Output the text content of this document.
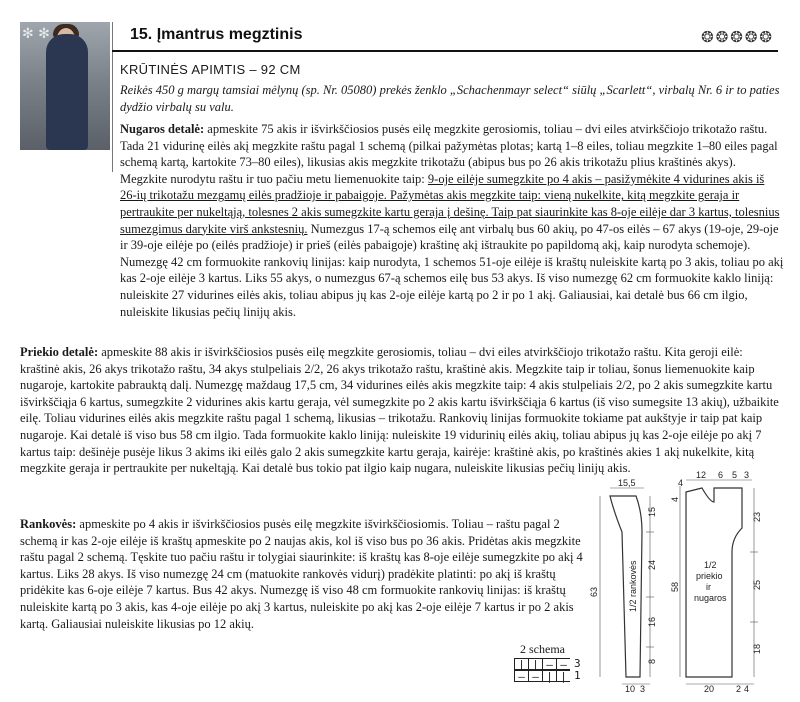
✻ ✻	15. Įmantrus megztinis	❂❂❂❂❂
KRŪTINĖS APIMTIS – 92 CM
Reikės 450 g margų tamsiai mėlynų (sp. Nr. 05080) prekės ženklo „Schachenmayr select“ siūlų „Scarlett“, virbalų Nr. 6 ir to paties dydžio virbalų su valu.
Nugaros detalė: apmeskite 75 akis ir išvirkščiosios pusės eilę megzkite gerosiomis, toliau – dvi eiles atvirkščiojo trikotažo raštu. Tada 21 vidurinę eilės akį megzkite raštu pagal 1 schemą (pilkai pažymėtas plotas; kartą 1–8 eiles, toliau megzkite 1–80 eiles pagal schemą kartą, kartokite 73–80 eiles), likusias akis megzkite trikotažu (abipus bus po 26 akis trikotažu plius kraštinės akys). Megzkite nurodytu raštu ir tuo pačiu metu liemenuokite taip: 9-oje eilėje sumegzkite po 4 akis – pasižymėkite 4 vidurines akis iš 26-ių trikotažu mezgamų eilės pradžioje ir pabaigoje. Pažymėtas akis megzkite taip: vieną nukelkite, kitą megzkite geraja ir pertraukite per nukeltąją, tolesnes 2 akis sumegzkite kartu geraja į dešinę. Taip pat siaurinkite kas 8-oje eilėje dar 3 kartus, tolesnius sumezgimus darykite virš ankstesnių. Numezgus 17-ą schemos eilę ant virbalų bus 60 akių, po 47-os eilės – 67 akys (19-oje, 29-oje ir 39-oje eilėje po (eilės pradžioje) ir prieš (eilės pabaigoje) kraštinę akį ištraukite po papildomą akį, kaip nurodyta schemoje). Numezgę 42 cm formuokite rankovių linijas: kaip nurodyta, 1 schemos 51-oje eilėje iš kraštų nuleiskite kartą po 3 akis, toliau po akį kas 2-oje eilėje 3 kartus. Liks 55 akys, o numezgus 67-ą schemos eilę bus 53 akys. Iš viso numezgę 62 cm formuokite kaklo liniją: nuleiskite 27 vidurines eilės akis, toliau abipus jų kas 2-oje eilėje kartą po 2 ir po 1 akį. Galiausiai, kai detalė bus 66 cm ilgio, nuleiskite likusias pečių linijų akis.
Priekio detalė: apmeskite 88 akis ir išvirkščiosios pusės eilę megzkite gerosiomis, toliau – dvi eiles atvirkščiojo trikotažo raštu. Kita geroji eilė: kraštinė akis, 26 akys trikotažo raštu, 34 akys stulpeliais 2/2, 26 akys trikotažo raštu, kraštinė akis. Megzkite taip ir toliau, šonus liemenuokite kaip nugaroje, kartokite pabrauktą dalį. Numezgę maždaug 17,5 cm, 34 vidurines eilės akis megzkite taip: 4 akis stulpeliais 2/2, po 2 akis sumegzkite kartu išvirkščiąja 6 kartus, sumegzkite 2 vidurines akis kartu geraja, vėl sumegzkite po 2 akis kartu išvirkščiąja 6 kartus (iš viso sumegsite 13 akių), užbaikite eilę. Toliau vidurines eilės akis megzkite raštu pagal 1 schemą, likusias – trikotažu. Rankovių linijas formuokite tokiame pat aukštyje ir taip pat kaip nugaroje. Kai detalė iš viso bus 58 cm ilgio. Tada formuokite kaklo liniją: nuleiskite 19 vidurinių eilės akių, toliau abipus jų kas 2-oje eilėje po akį 7 kartus taip: dešinėje pusėje likus 3 akims iki eilės galo 2 akis sumegzkite kartu geraja, kairėje: kraštinė akis, po kraštinės akies 1 akį nukelkite, kitą megzkite geraja ir pertraukite per nukeltąją. Kai detalė bus tokio pat ilgio kaip nugara, nuleiskite likusias pečių linijų akis.
Rankovės: apmeskite po 4 akis ir išvirkščiosios pusės eilę megzkite išvirkščiosiomis. Toliau – raštu pagal 2 schemą ir kas 2-oje eilėje iš kraštų apmeskite po 2 naujas akis, kol iš viso bus po 36 akis. Pridėtas akis megzkite raštu pagal 2 schemą. Tęskite tuo pačiu raštu ir tolygiai siaurinkite: iš kraštų kas 8-oje eilėje sumegzkite po akį 4 kartus. Liks 28 akys. Iš viso numezgę 24 cm (matuokite rankovės vidurį) pradėkite platinti: po akį iš kraštų pridėkite kas 6-oje eilėje 7 kartus. Bus 42 akys. Numezgę iš viso 48 cm formuokite rankovių linijas: iš kraštų nuleiskite kartą po 3 akis, kas 4-oje eilėje po akį 3 kartus, nuleiskite po akį kas 2-oje eilėje 7 kartus ir po 2 akis kartą. Galiausiai nuleiskite likusias po 12 akių.
2 schema
| | – – 3
– – | | 1
15,5
15
24
16
8
63	1/2 rankovės
10 3
12 6 5 3
4
4
58
23
25
18
1/2
priekio
ir
nugaros
20 2 4
